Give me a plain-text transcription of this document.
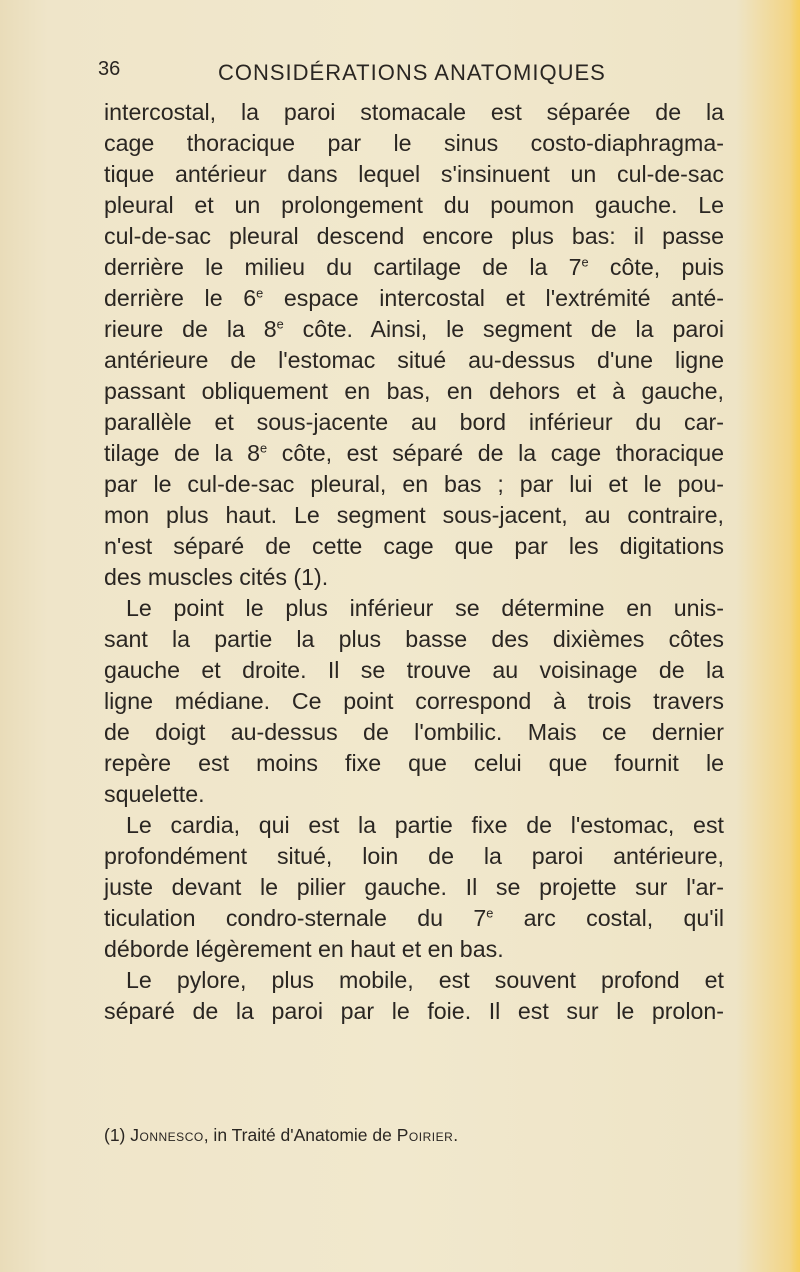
36	CONSIDÉRATIONS ANATOMIQUES
intercostal, la paroi stomacale est séparée de la
cage thoracique par le sinus costo-diaphragma-
tique antérieur dans lequel s'insinuent un cul-de-sac
pleural et un prolongement du poumon gauche. Le
cul-de-sac pleural descend encore plus bas: il passe
derrière le milieu du cartilage de la 7e côte, puis
derrière le 6e espace intercostal et l'extrémité anté-
rieure de la 8e côte. Ainsi, le segment de la paroi
antérieure de l'estomac situé au-dessus d'une ligne
passant obliquement en bas, en dehors et à gauche,
parallèle et sous-jacente au bord inférieur du car-
tilage de la 8e côte, est séparé de la cage thoracique
par le cul-de-sac pleural, en bas ; par lui et le pou-
mon plus haut. Le segment sous-jacent, au contraire,
n'est séparé de cette cage que par les digitations
des muscles cités (1).
Le point le plus inférieur se détermine en unis-
sant la partie la plus basse des dixièmes côtes
gauche et droite. Il se trouve au voisinage de la
ligne médiane. Ce point correspond à trois travers
de doigt au-dessus de l'ombilic. Mais ce dernier
repère est moins fixe que celui que fournit le
squelette.
Le cardia, qui est la partie fixe de l'estomac, est
profondément situé, loin de la paroi antérieure,
juste devant le pilier gauche. Il se projette sur l'ar-
ticulation condro-sternale du 7e arc costal, qu'il
déborde légèrement en haut et en bas.
Le pylore, plus mobile, est souvent profond et
séparé de la paroi par le foie. Il est sur le prolon-
(1) Jonnesco, in Traité d'Anatomie de Poirier.
